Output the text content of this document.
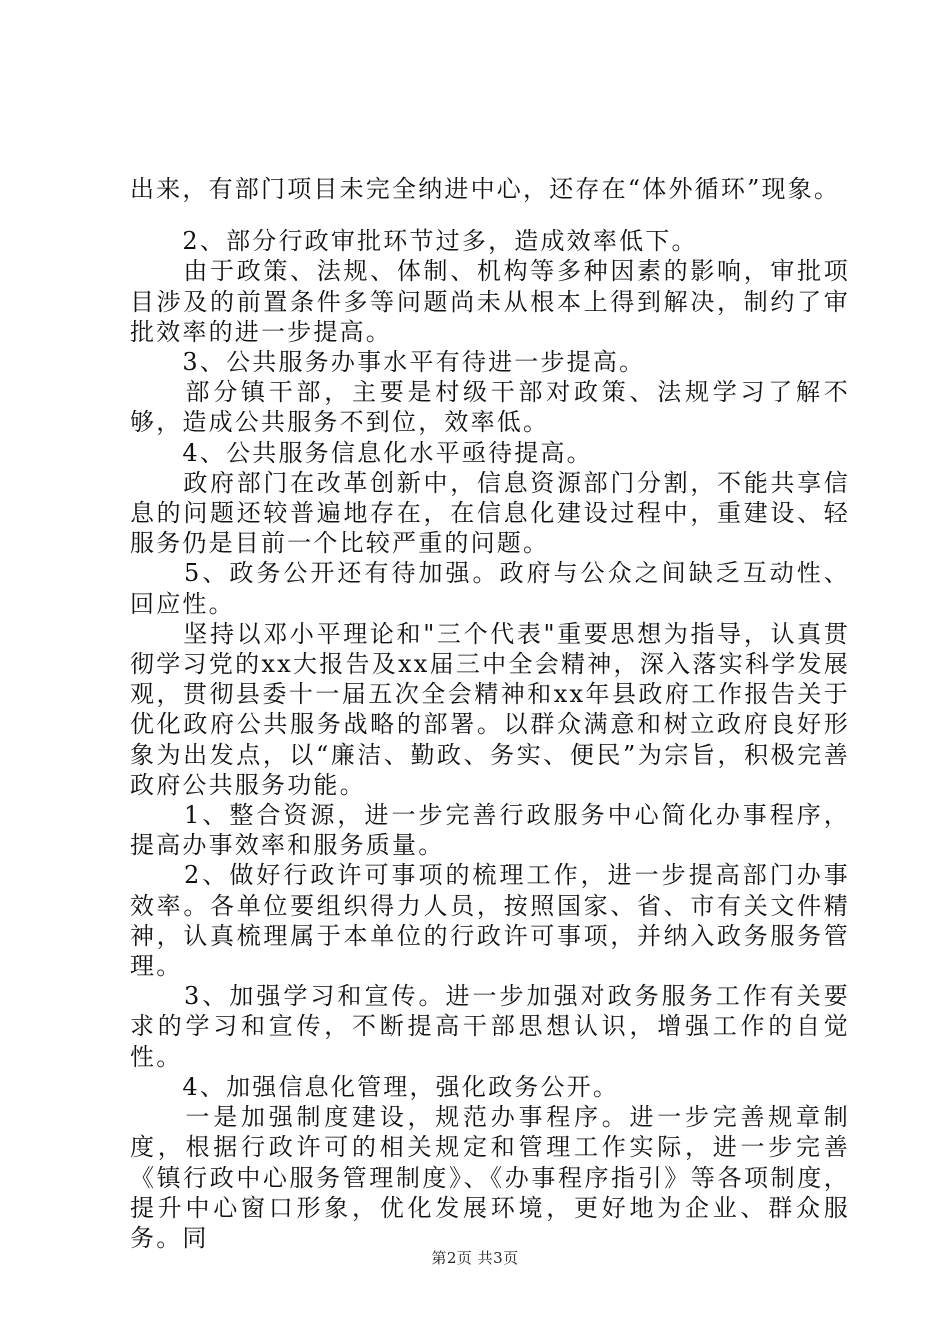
出来，有部门项目未完全纳进中心，还存在“体外循环”现象。

　　2、部分行政审批环节过多，造成效率低下。

　　由于政策、法规、体制、机构等多种因素的影响，审批项目涉及的前置条件多等问题尚未从根本上得到解决，制约了审批效率的进一步提高。

　　3、公共服务办事水平有待进一步提高。

　　部分镇干部，主要是村级干部对政策、法规学习了解不够，造成公共服务不到位，效率低。

　　4、公共服务信息化水平亟待提高。

　　政府部门在改革创新中，信息资源部门分割，不能共享信息的问题还较普遍地存在，在信息化建设过程中，重建设、轻服务仍是目前一个比较严重的问题。

　　5、政务公开还有待加强。政府与公众之间缺乏互动性、回应性。

　　坚持以邓小平理论和"三个代表"重要思想为指导，认真贯彻学习党的xx大报告及xx届三中全会精神，深入落实科学发展观，贯彻县委十一届五次全会精神和xx年县政府工作报告关于优化政府公共服务战略的部署。以群众满意和树立政府良好形象为出发点，以“廉洁、勤政、务实、便民”为宗旨，积极完善政府公共服务功能。

　　1、整合资源，进一步完善行政服务中心简化办事程序，提高办事效率和服务质量。

　　2、做好行政许可事项的梳理工作，进一步提高部门办事效率。各单位要组织得力人员，按照国家、省、市有关文件精神，认真梳理属于本单位的行政许可事项，并纳入政务服务管理。

　　3、加强学习和宣传。进一步加强对政务服务工作有关要求的学习和宣传，不断提高干部思想认识，增强工作的自觉性。

　　4、加强信息化管理，强化政务公开。

　　一是加强制度建设，规范办事程序。进一步完善规章制度，根据行政许可的相关规定和管理工作实际，进一步完善《镇行政中心服务管理制度》、《办事程序指引》等各项制度，提升中心窗口形象，优化发展环境，更好地为企业、群众服务。同

第2页 共3页
